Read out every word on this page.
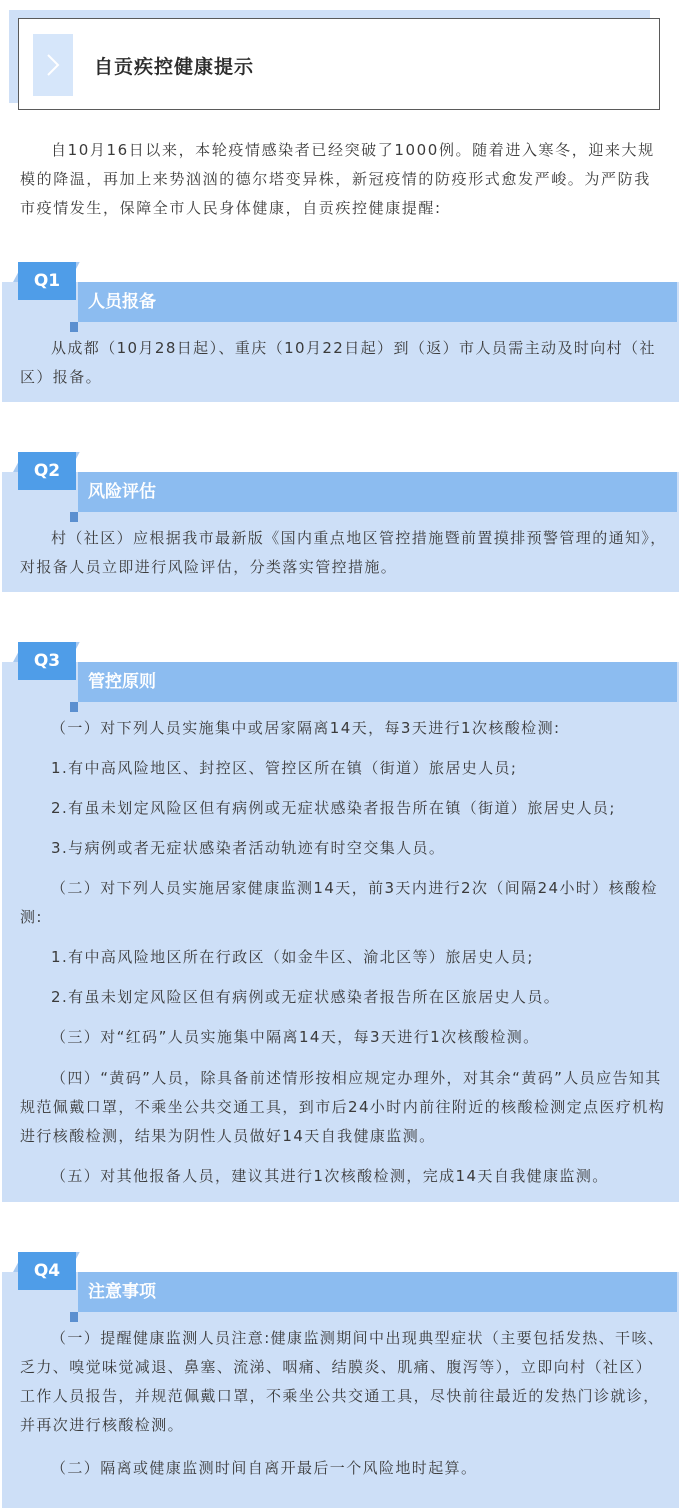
自贡疾控健康提示
自10月16日以来，本轮疫情感染者已经突破了1000例。随着进入寒冬，迎来大规模的降温，再加上来势汹汹的德尔塔变异株，新冠疫情的防疫形式愈发严峻。为严防我市疫情发生，保障全市人民身体健康，自贡疾控健康提醒:
Q1
人员报备
从成都（10月28日起）、重庆（10月22日起）到（返）市人员需主动及时向村（社区）报备。
Q2
风险评估
村（社区）应根据我市最新版《国内重点地区管控措施暨前置摸排预警管理的通知》，对报备人员立即进行风险评估，分类落实管控措施。
Q3
管控原则
（一）对下列人员实施集中或居家隔离14天，每3天进行1次核酸检测:
1.有中高风险地区、封控区、管控区所在镇（街道）旅居史人员;
2.有虽未划定风险区但有病例或无症状感染者报告所在镇（街道）旅居史人员;
3.与病例或者无症状感染者活动轨迹有时空交集人员。
（二）对下列人员实施居家健康监测14天，前3天内进行2次（间隔24小时）核酸检测:
1.有中高风险地区所在行政区（如金牛区、渝北区等）旅居史人员;
2.有虽未划定风险区但有病例或无症状感染者报告所在区旅居史人员。
（三）对“红码”人员实施集中隔离14天，每3天进行1次核酸检测。
（四）“黄码”人员，除具备前述情形按相应规定办理外，对其余“黄码”人员应告知其规范佩戴口罩，不乘坐公共交通工具，到市后24小时内前往附近的核酸检测定点医疗机构进行核酸检测，结果为阴性人员做好14天自我健康监测。
（五）对其他报备人员，建议其进行1次核酸检测，完成14天自我健康监测。
Q4
注意事项
（一）提醒健康监测人员注意:健康监测期间中出现典型症状（主要包括发热、干咳、乏力、嗅觉味觉减退、鼻塞、流涕、咽痛、结膜炎、肌痛、腹泻等），立即向村（社区）工作人员报告，并规范佩戴口罩，不乘坐公共交通工具，尽快前往最近的发热门诊就诊，并再次进行核酸检测。
（二）隔离或健康监测时间自离开最后一个风险地时起算。
